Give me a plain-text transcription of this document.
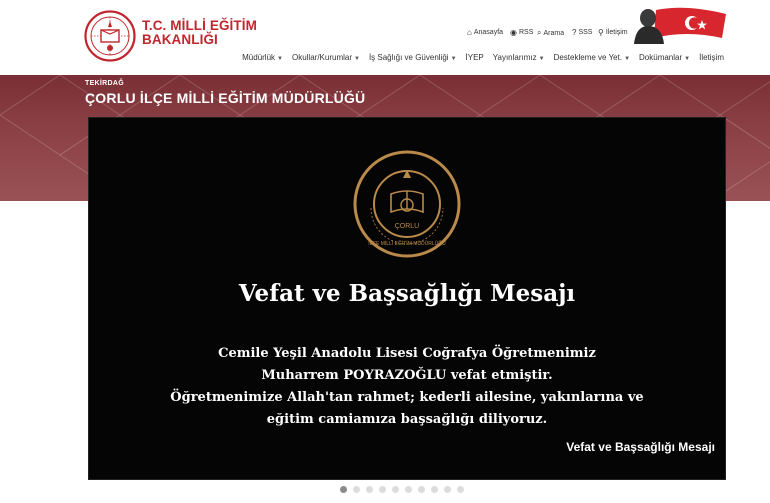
T.C. MİLLİ EĞİTİM
BAKANLIĞI	⌂ Anasayfa ◉ RSS ⌕ Arama ? SSS ⚲ İletişim
Müdürlük ▼ Okullar/Kurumlar ▼ İş Sağlığı ve Güvenliği ▼ İYEP Yayınlarımız ▼ Destekleme ve Yet. ▼ Dokümanlar ▼ İletişim
TEKİRDAĞ
ÇORLU İLÇE MİLLİ EĞİTİM MÜDÜRLÜĞÜ
ÇORLU
İLÇE MİLLİ EĞİTİM MÜDÜRLÜĞÜ
Vefat ve Başsağlığı Mesajı
Cemile Yeşil Anadolu Lisesi Coğrafya Öğretmenimiz
Muharrem POYRAZOĞLU vefat etmiştir.
Öğretmenimize Allah'tan rahmet; kederli ailesine, yakınlarına ve
eğitim camiamıza başsağlığı diliyoruz.
Vefat ve Başsağlığı Mesajı
